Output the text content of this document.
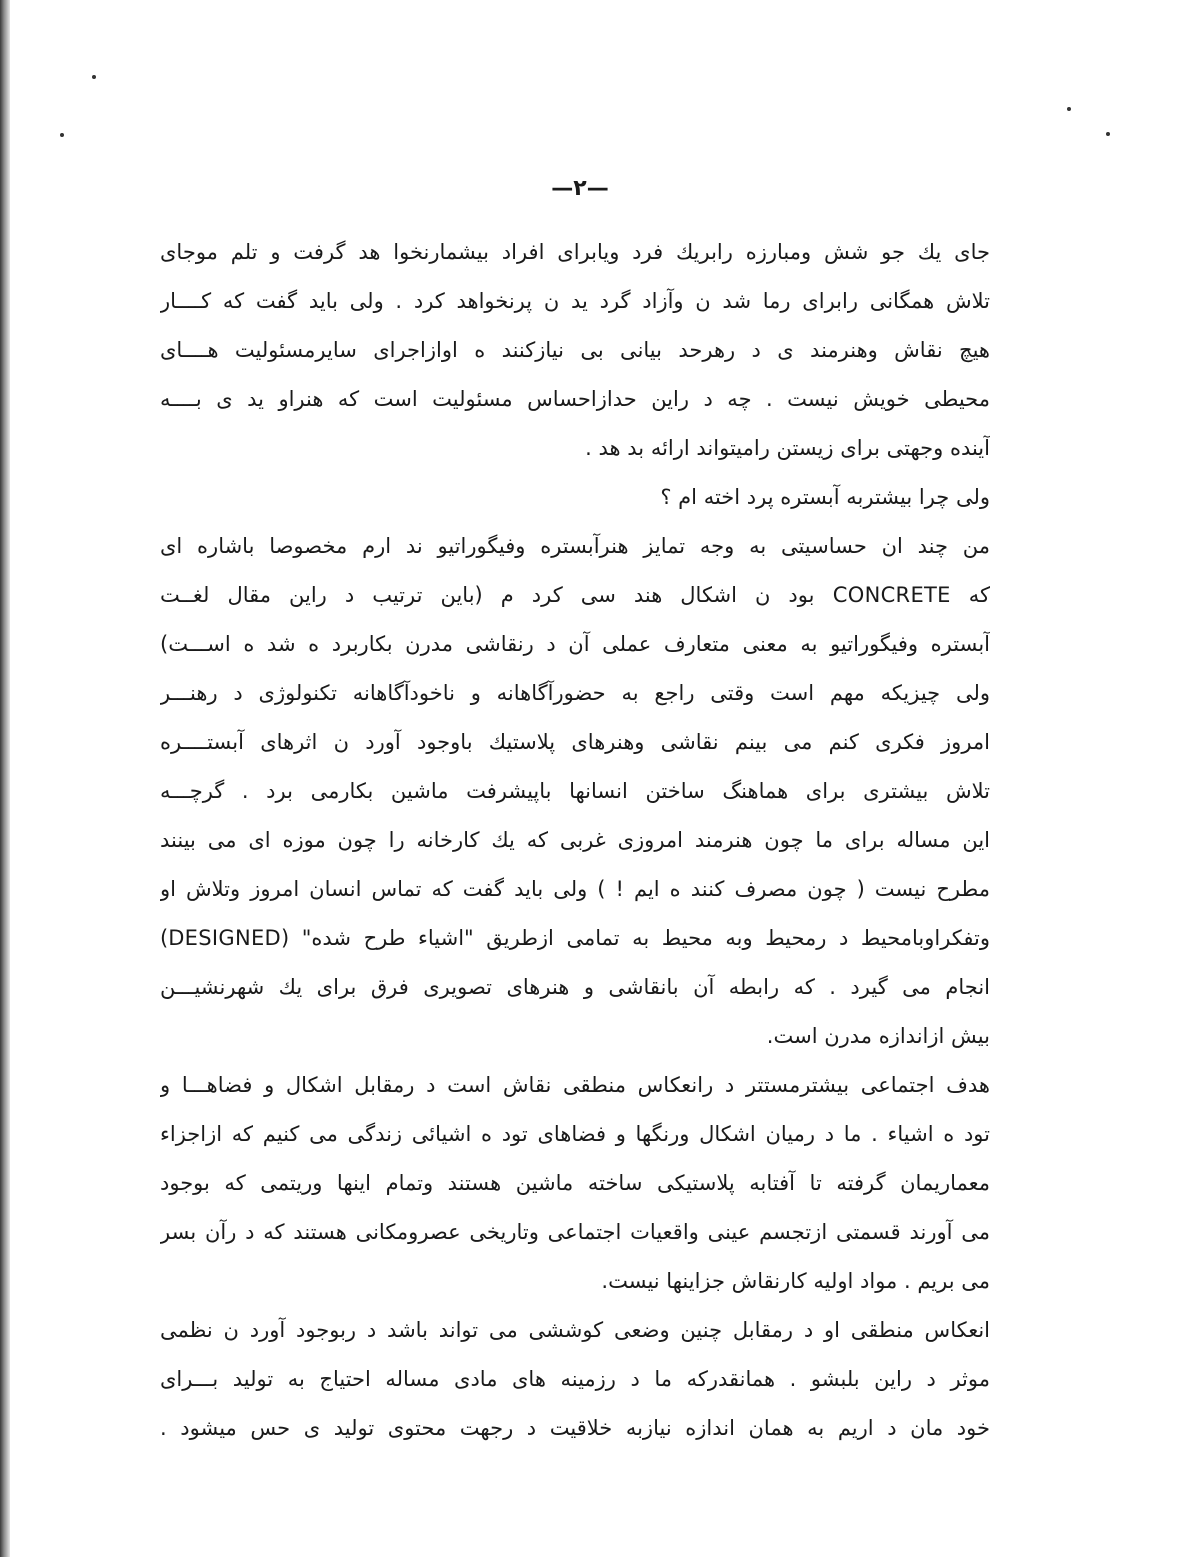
—۲—
جای یك جو شش ومبارزه رابریك فرد ویابرای افراد بیشمارنخوا هد گرفت و تلم موجای
تلاش همگانی رابرای رما شد ن وآزاد گرد ید ن پرنخواهد کرد . ولی باید گفت که کــــار
هیچ نقاش وهنرمند ی د رهرحد بیانی بی نیازکنند ه اوازاجرای سایرمسئولیت هــــای
محیطی خویش نیست . چه د راین حدازاحساس مسئولیت است که هنراو ید ی بــــه
آینده وجهتی برای زیستن راميتواند ارائه بد هد .
ولی چرا بیشتربه آبستره پرد اخته ام ؟
من چند ان حساسیتی به وجه تمایز هنرآبستره وفیگوراتیو ند ارم مخصوصا باشاره ای
که CONCRETE بود ن اشکال هند سی کرد م (باین ترتیب د راین مقال لغــت
آبستره وفیگوراتیو به معنی متعارف عملی آن د رنقاشی مدرن بکاربرد ه شد ه اســـت)
ولی چیزیکه مهم است وقتی راجع به حضورآگاهانه و ناخودآگاهانه تکنولوژی د رهنـــر
امروز فکری کنم می بینم نقاشی وهنرهای پلاستیك باوجود آورد ن اثرهای آبستــــره
تلاش بیشتری برای هماهنگ ساختن انسانها باپیشرفت ماشین بکارمی برد . گرچـــه
این مساله برای ما چون هنرمند امروزی غربی که یك کارخانه را چون موزه ای می بینند
مطرح نیست ( چون مصرف کنند ه ایم ! ) ولی باید گفت که تماس انسان امروز وتلاش او
وتفکراوبامحیط د رمحیط وبه محیط به تمامی ازطریق "اشیاء طرح شده" (DESIGNED)
انجام می گیرد . که رابطه آن بانقاشی و هنرهای تصویری فرق برای یك شهرنشیـــن
بیش ازاندازه مدرن است.
هدف اجتماعی بیشترمستتر د رانعکاس منطقی نقاش است د رمقابل اشکال و فضاهـــا و
تود ه اشیاء . ما د رمیان اشکال ورنگها و فضاهای تود ه اشیائی زندگی می کنیم که ازاجزاء
معماریمان گرفته تا آفتابه پلاستیکی ساخته ماشین هستند وتمام اینها وریتمی که بوجود
می آورند قسمتی ازتجسم عینی واقعیات اجتماعی وتاریخی عصرومکانی هستند که د رآن بسر
می بریم . مواد اولیه کارنقاش جزاینها نیست.
انعکاس منطقی او د رمقابل چنین وضعی کوششی می تواند باشد د ربوجود آورد ن نظمی
موثر د راین بلبشو . همانقدرکه ما د رزمینه های مادی مساله احتیاج به تولید بـــرای
خود مان د اریم به همان اندازه نیازبه خلاقیت د رجهت محتوی تولید ی حس میشود .
